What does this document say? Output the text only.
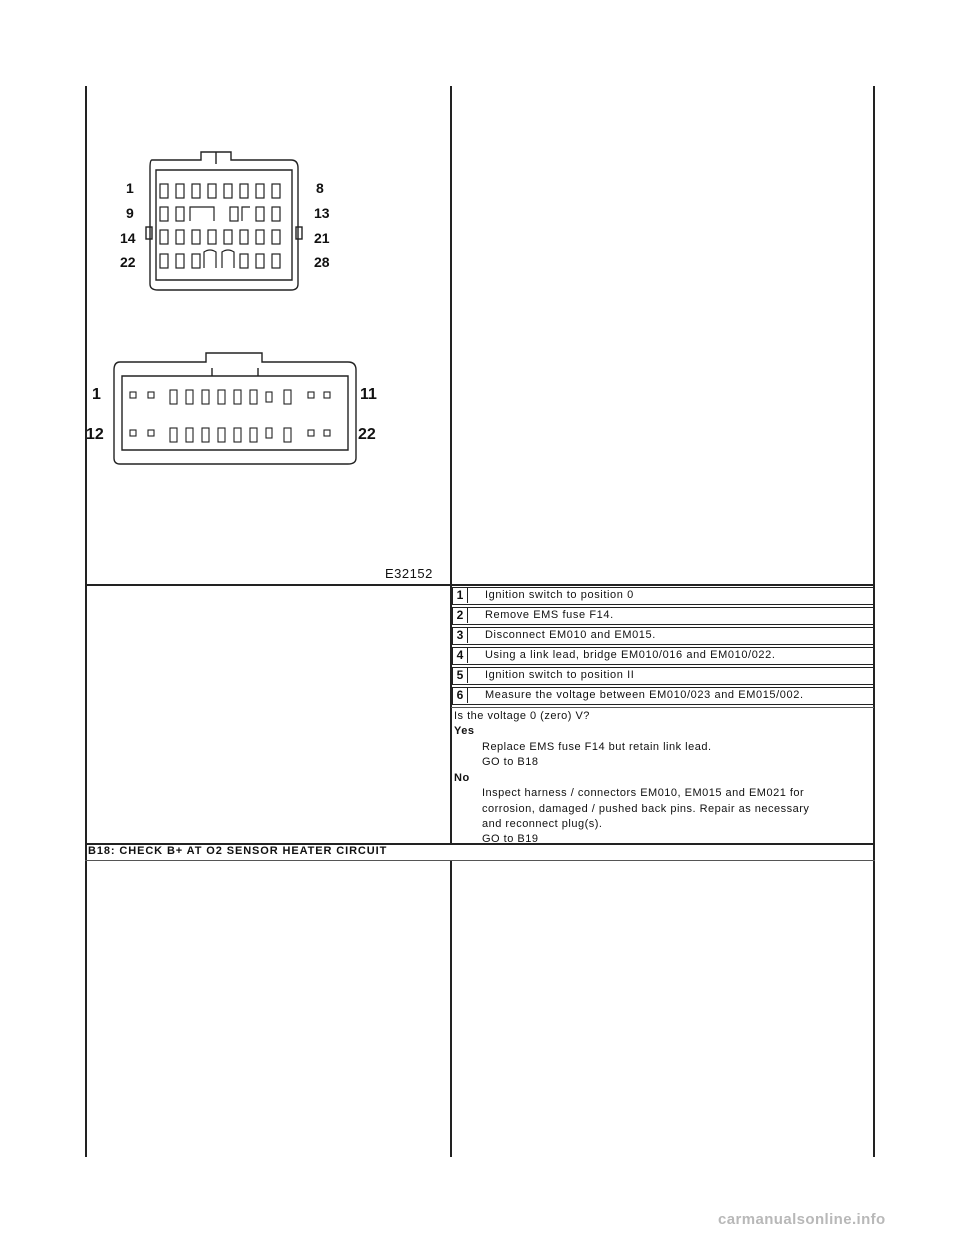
1
9
14
22
8
13
21
28
1
12
11
22
E32152
1	Ignition switch to position 0
2	Remove EMS fuse F14.
3	Disconnect EM010 and EM015.
4	Using a link lead, bridge EM010/016 and EM010/022.
5	Ignition switch to position II
6	Measure the voltage between EM010/023 and EM015/002.
Is the voltage 0 (zero) V?
Yes
Replace EMS fuse F14 but retain link lead.
GO to B18
No
Inspect harness / connectors EM010, EM015 and EM021 for
corrosion, damaged / pushed back pins. Repair as necessary
and reconnect plug(s).
GO to B19
B18: CHECK B+ AT O2 SENSOR HEATER CIRCUIT
carmanualsonline.info
